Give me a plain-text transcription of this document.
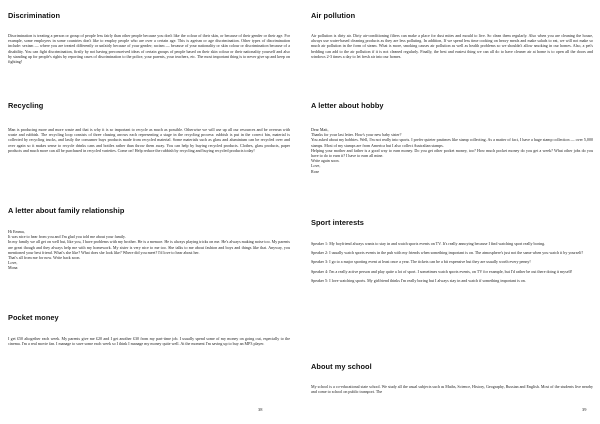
Discrimination

Discrimination is treating a person or group of people less fairly than other people because you don't like the colour of their skin, or because of their gender or their age. For example, some employers in some countries don't like to employ people who are over a certain age. This is ageism or age discrimination. Other types of discrimination include: sexism — where you are treated differently or unfairly because of your gender; racism — because of your nationality or skin colour or discrimination because of a disability. You can fight discrimination, firstly by not having preconceived ideas of certain groups of people based on their skin colour or their nationality yourself and also by standing up for people's rights by reporting cases of discrimination to the police, your parents, your teachers, etc. The most important thing is to never give up and keep on fighting!

Recycling

Man is producing more and more waste and that is why it is so important to recycle as much as possible. Otherwise we will use up all our resources and be overrun with waste and rubbish. The recycling loop consists of three chasing arrows each representing a stage in the recycling process: rubbish is put in the correct bin, material is collected by recycling trucks, and lastly the consumer buys products made from recycled material. Some materials such as glass and aluminium can be recycled over and over again so it makes sense to recycle drinks cans and bottles rather than throw them away. You can help by buying recycled products. Clothes, glass products, paper products and much more can all be purchased in recycled varieties. Come on! Help reduce the rubbish by recycling and buying recycled products today!

A letter about family relationship
Hi Emma,
It was nice to hear from you and I'm glad you told me about your family.
In my family we all get on well but, like you, I have problems with my brother. He is a menace. He is always playing tricks on me. He's always making noise too. My parents are great though and they always help me with my homework. My sister is very nice to me too. She talks to me about fashion and boys and things like that. Anyway, you mentioned your best friend. What's she like? What does she look like? Where did you meet? I'd love to hear about her.
That's all from me for now. Write back soon.
Love,
Mona
Pocket money

I get £50 altogether each week. My parents give me £20 and I get another £30 from my part-time job. I usually spend some of my money on going out, especially to the cinema. I'm a real movie fan. I manage to save some each week so I think I manage my money quite well. At the moment I'm saving up to buy an MP3 player.

38
Air pollution

Air pollution is dirty air. Dirty air-conditioning filters can make a place for dust mites and mould to live. So clean them regularly. Also when you are cleaning the house, always use water-based cleaning products as they are less polluting. In addition, If we spend less time cooking on heavy meals and make salads to eat, we will not make so much air pollution in the form of steam. What is more, smoking causes air pollution as well as health problems so we shouldn't allow smoking in our homes. Also, a pet's bedding can add to the air pollution if it is not cleaned regularly. Finally, the best and easiest thing we can all do to have cleaner air at home is to open all the doors and windows 2-3 times a day to let fresh air into our homes.

A letter about hobby
Dear Matt,
Thanks for your last letter. How's your new baby sister?
You asked about my hobbies. Well, I'm not really into sports. I prefer quieter pastimes like stamp collecting. As a matter of fact, I have a huge stamp collection — over 5,000 stamps. Most of my stamps are from America but I also collect Australian stamps.
Helping your mother and father is a good way to earn money. Do you get other pocket money, too? How much pocket money do you get a week? What other jobs do you have to do to earn it? I have to earn all mine.
Write again soon.
Love,
Rose
Sport interests
Speaker 1: My boyfriend always wants to stay in and watch sports events on TV. It's really annoying because I find watching sport really boring.
Speaker 2: I usually watch sports events in the pub with my friends when something important is on. The atmosphere's just not the same when you watch it by yourself!
Speaker 3: I go to a major sporting event at least once a year. The tickets can be a bit expensive but they are usually worth every penny!
Speaker 4: I'm a really active person and play quite a lot of sport. I sometimes watch sports events, on TV for example, but I'd rather be out there doing it myself!
Speaker 5: I love watching sports. My girlfriend thinks I'm really boring but I always stay in and watch if something important is on.
About my school

My school is a co-educational state school. We study all the usual subjects such as Maths, Science, History, Geography, Russian and English. Most of the students live nearby and come to school on public transport. The

39
